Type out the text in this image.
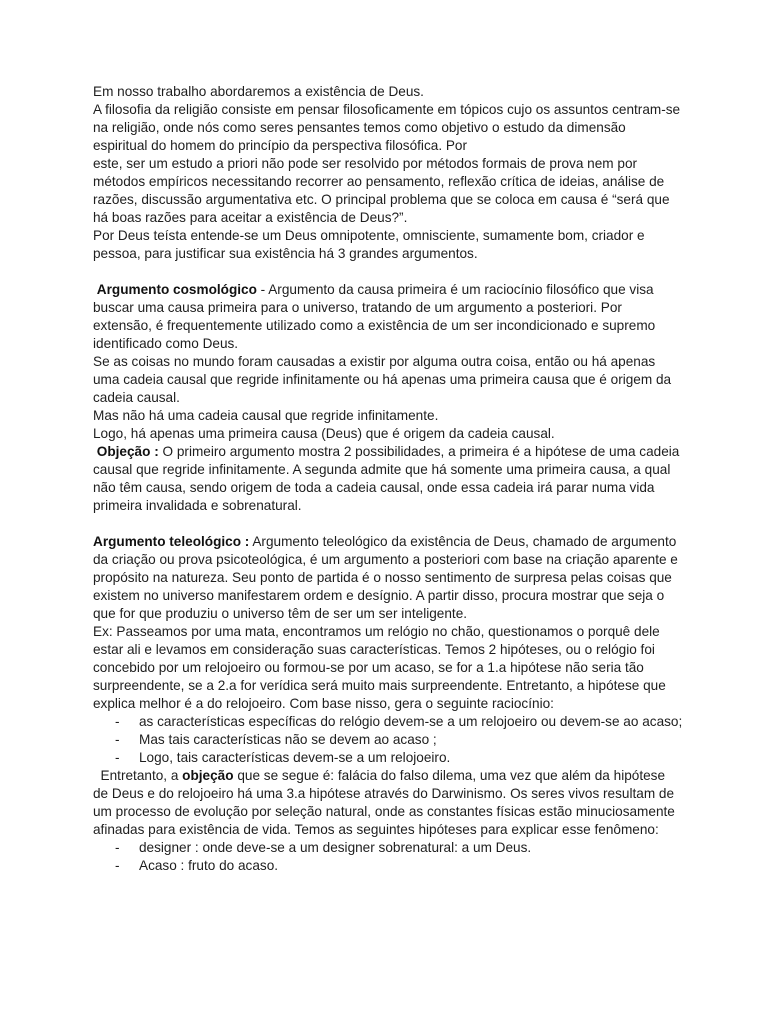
Em nosso trabalho abordaremos a existência de Deus.

A filosofia da religião consiste em pensar filosoficamente em tópicos cujo os assuntos centram-se na religião, onde nós como seres pensantes temos como objetivo o estudo da dimensão espiritual do homem do princípio da perspectiva filosófica. Por

este, ser um estudo a priori não pode ser resolvido por métodos formais de prova nem por métodos empíricos necessitando recorrer ao pensamento, reflexão crítica de ideias, análise de razões, discussão argumentativa etc. O principal problema que se coloca em causa é “será que há boas razões para aceitar a existência de Deus?”.

Por Deus teísta entende-se um Deus omnipotente, omnisciente, sumamente bom, criador e pessoa, para justificar sua existência há 3 grandes argumentos.

Argumento cosmológico - Argumento da causa primeira é um raciocínio filosófico que visa buscar uma causa primeira para o universo, tratando de um argumento a posteriori. Por extensão, é frequentemente utilizado como a existência de um ser incondicionado e supremo identificado como Deus.

Se as coisas no mundo foram causadas a existir por alguma outra coisa, então ou há apenas uma cadeia causal que regride infinitamente ou há apenas uma primeira causa que é origem da cadeia causal.

Mas não há uma cadeia causal que regride infinitamente.

Logo, há apenas uma primeira causa (Deus) que é origem da cadeia causal.

Objeção : O primeiro argumento mostra 2 possibilidades, a primeira é a hipótese de uma cadeia causal que regride infinitamente. A segunda admite que há somente uma primeira causa, a qual não têm causa, sendo origem de toda a cadeia causal, onde essa cadeia irá parar numa vida primeira invalidada e sobrenatural.

Argumento teleológico : Argumento teleológico da existência de Deus, chamado de argumento da criação ou prova psicoteológica, é um argumento a posteriori com base na criação aparente e propósito na natureza. Seu ponto de partida é o nosso sentimento de surpresa pelas coisas que existem no universo manifestarem ordem e desígnio. A partir disso, procura mostrar que seja o que for que produziu o universo têm de ser um ser inteligente.

Ex: Passeamos por uma mata, encontramos um relógio no chão, questionamos o porquê dele estar ali e levamos em consideração suas características. Temos 2 hipóteses, ou o relógio foi concebido por um relojoeiro ou formou-se por um acaso, se for a 1.a hipótese não seria tão surpreendente, se a 2.a for verídica será muito mais surpreendente. Entretanto, a hipótese que explica melhor é a do relojoeiro. Com base nisso, gera o seguinte raciocínio:

- as características específicas do relógio devem-se a um relojoeiro ou devem-se ao acaso;
- Mas tais características não se devem ao acaso ;
- Logo, tais características devem-se a um relojoeiro.

Entretanto, a objeção que se segue é: falácia do falso dilema, uma vez que além da hipótese de Deus e do relojoeiro há uma 3.a hipótese através do Darwinismo. Os seres vivos resultam de um processo de evolução por seleção natural, onde as constantes físicas estão minuciosamente afinadas para existência de vida. Temos as seguintes hipóteses para explicar esse fenômeno:

- designer : onde deve-se a um designer sobrenatural: a um Deus.
- Acaso : fruto do acaso.
